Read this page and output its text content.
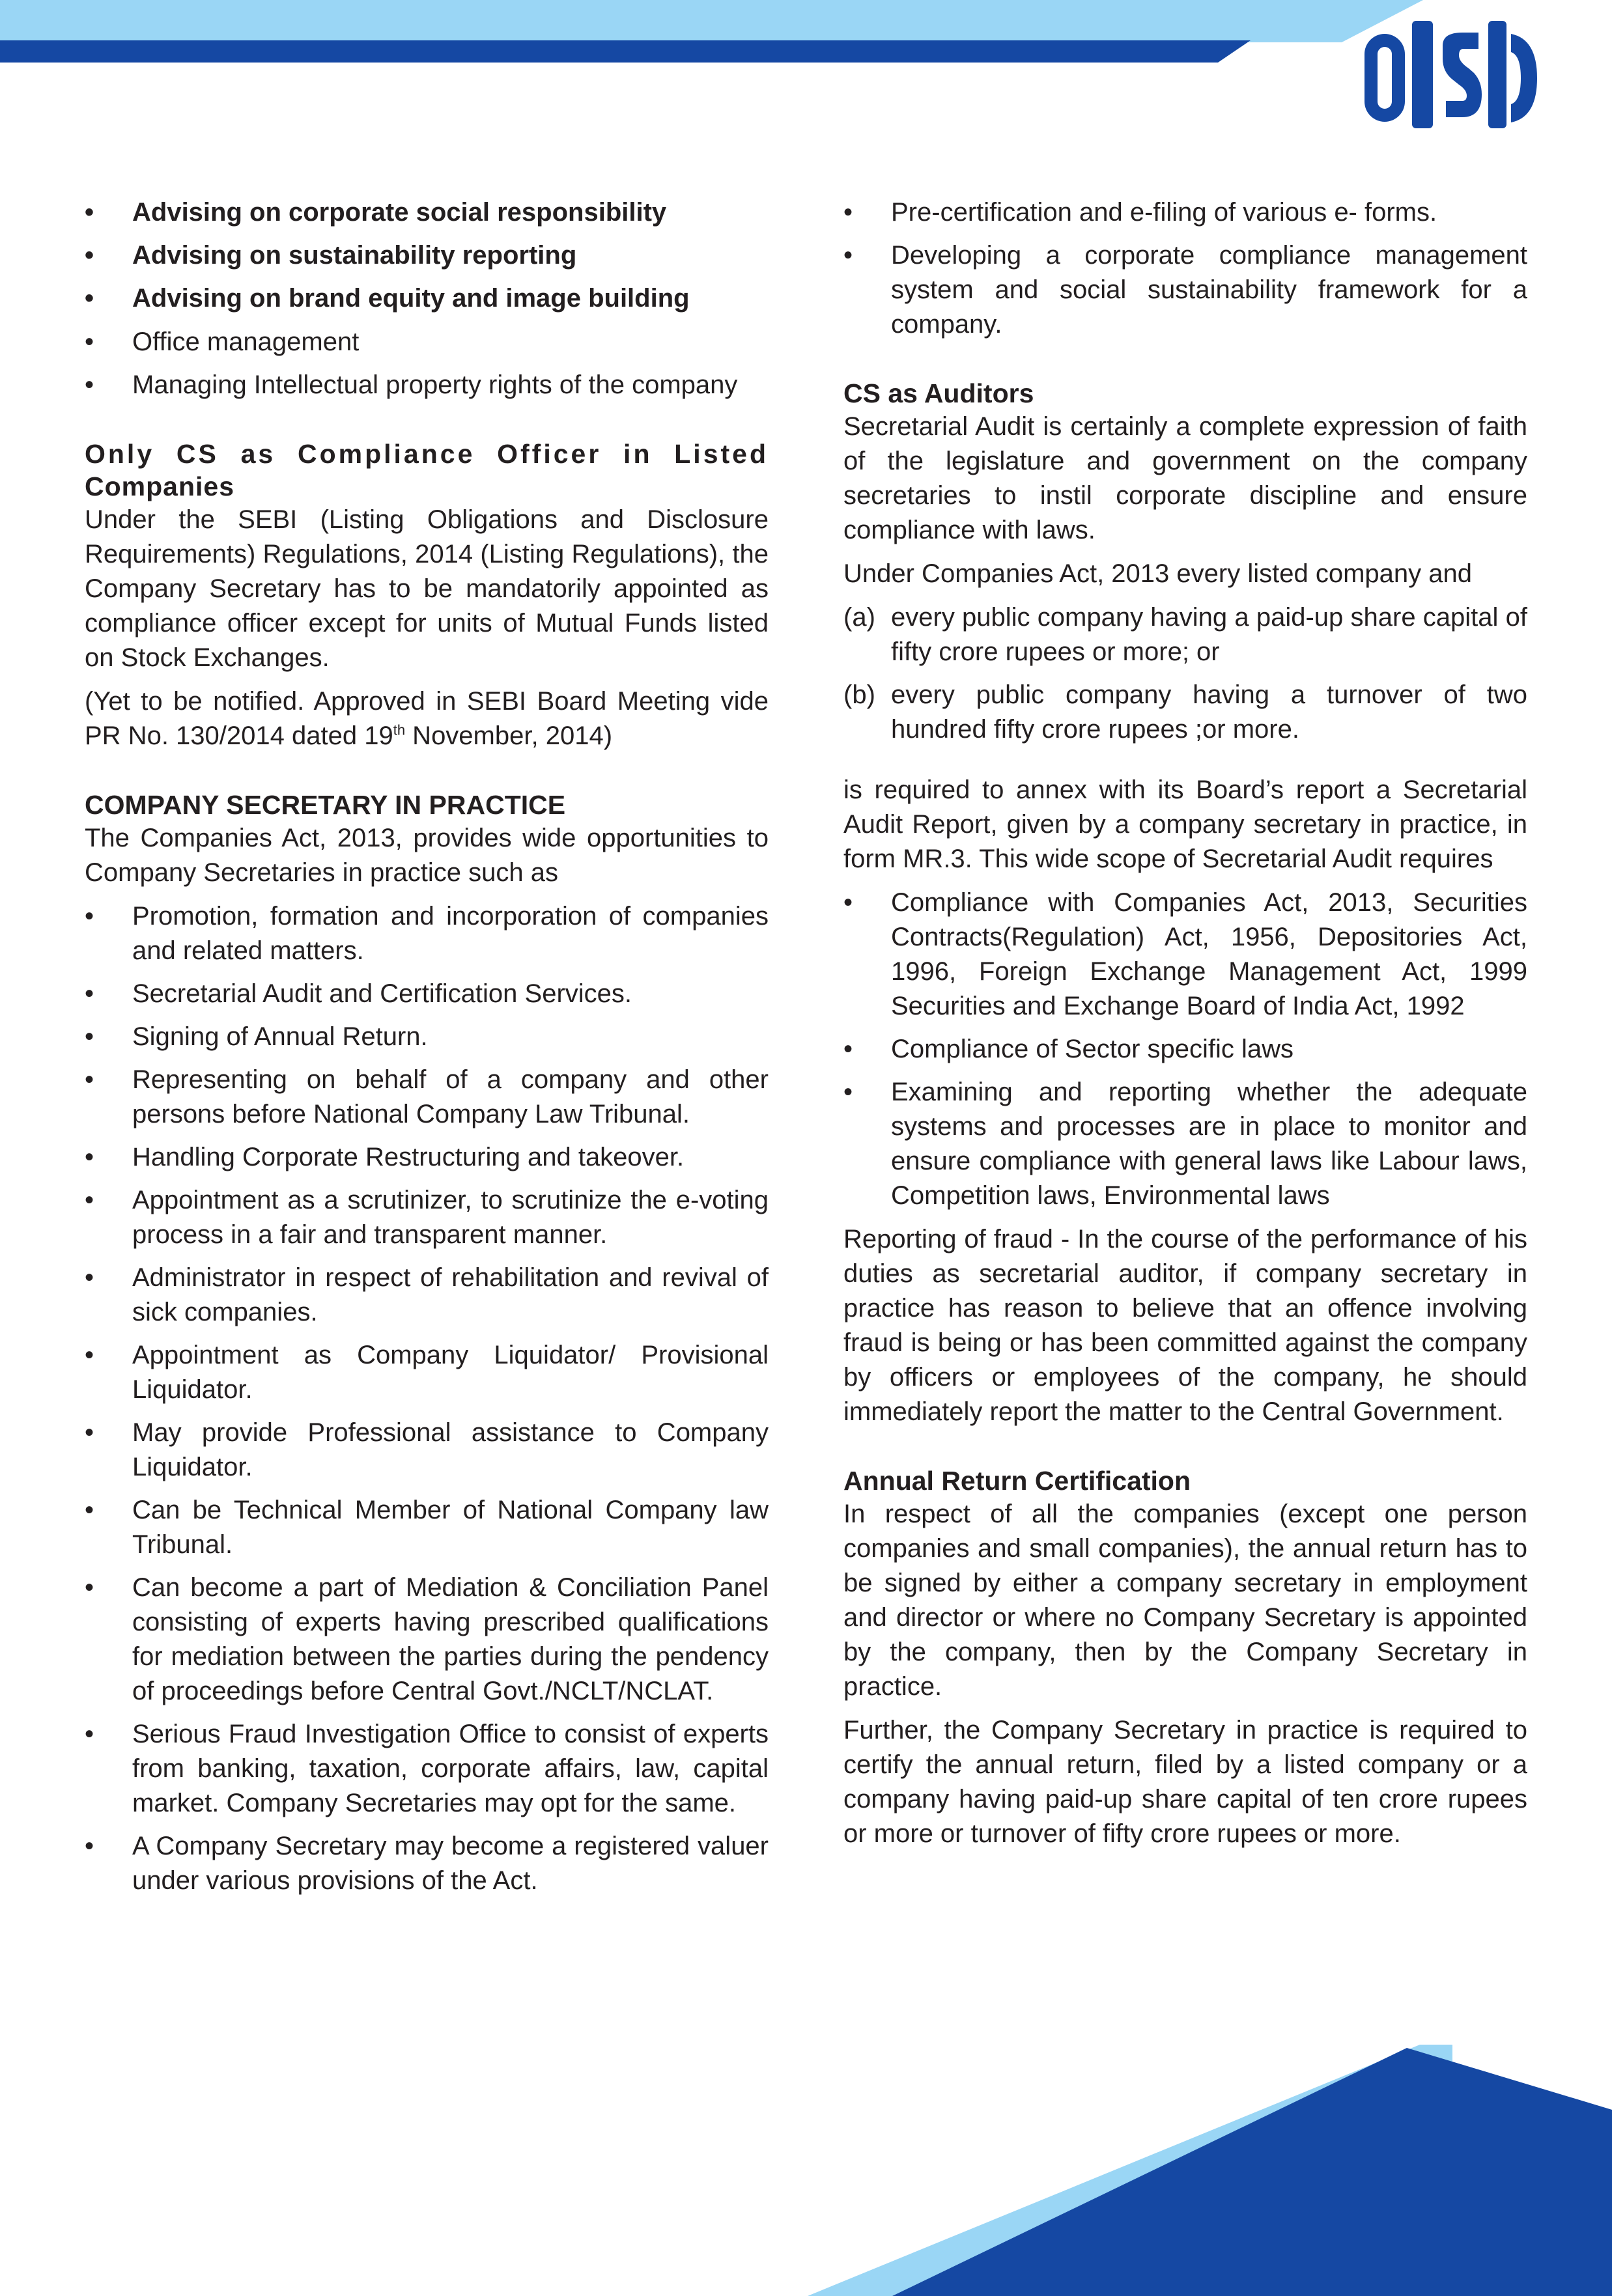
• Advising on corporate social responsibility
• Advising on sustainability reporting
• Advising on brand equity and image building
• Office management
• Managing Intellectual property rights of the company
Only CS as Compliance Officer in Listed
Companies

Under the SEBI (Listing Obligations and Disclosure Requirements) Regulations, 2014 (Listing Regulations), the Company Secretary has to be mandatorily appointed as compliance officer except for units of Mutual Funds listed on Stock Exchanges.

(Yet to be notified. Approved in SEBI Board Meeting vide PR No. 130/2014 dated 19th November, 2014)

COMPANY SECRETARY IN PRACTICE

The Companies Act, 2013, provides wide opportunities to Company Secretaries in practice such as

• Promotion, formation and incorporation of companies and related matters.
• Secretarial Audit and Certification Services.
• Signing of Annual Return.
• Representing on behalf of a company and other persons before National Company Law Tribunal.
• Handling Corporate Restructuring and takeover.
• Appointment as a scrutinizer, to scrutinize the e-voting process in a fair and transparent manner.
• Administrator in respect of rehabilitation and revival of sick companies.
• Appointment as Company Liquidator/ Provisional Liquidator.
• May provide Professional assistance to Company Liquidator.
• Can be Technical Member of National Company law Tribunal.
• Can become a part of Mediation & Conciliation Panel consisting of experts having prescribed qualifications for mediation between the parties during the pendency of proceedings before Central Govt./NCLT/NCLAT.
• Serious Fraud Investigation Office to consist of experts from banking, taxation, corporate affairs, law, capital market. Company Secretaries may opt for the same.
• A Company Secretary may become a registered valuer under various provisions of the Act.
• Pre-certification and e-filing of various e- forms.
• Developing a corporate compliance management system and social sustainability framework for a company.
CS as Auditors

Secretarial Audit is certainly a complete expression of faith of the legislature and government on the company secretaries to instil corporate discipline and ensure compliance with laws.

Under Companies Act, 2013 every listed company and

(a) every public company having a paid-up share capital of fifty crore rupees or more; or
(b) every public company having a turnover of two hundred fifty crore rupees ;or more.

is required to annex with its Board’s report a Secretarial Audit Report, given by a company secretary in practice, in form MR.3. This wide scope of Secretarial Audit requires

• Compliance with Companies Act, 2013, Securities Contracts(Regulation) Act, 1956, Depositories Act, 1996, Foreign Exchange Management Act, 1999 Securities and Exchange Board of India Act, 1992
• Compliance of Sector specific laws
• Examining and reporting whether the adequate systems and processes are in place to monitor and ensure compliance with general laws like Labour laws, Competition laws, Environmental laws

Reporting of fraud - In the course of the performance of his duties as secretarial auditor, if company secretary in practice has reason to believe that an offence involving fraud is being or has been committed against the company by officers or employees of the company, he should immediately report the matter to the Central Government.

Annual Return Certification

In respect of all the companies (except one person companies and small companies), the annual return has to be signed by either a company secretary in employment and director or where no Company Secretary is appointed by the company, then by the Company Secretary in practice.

Further, the Company Secretary in practice is required to certify the annual return, filed by a listed company or a company having paid-up share capital of ten crore rupees or more or turnover of fifty crore rupees or more.
